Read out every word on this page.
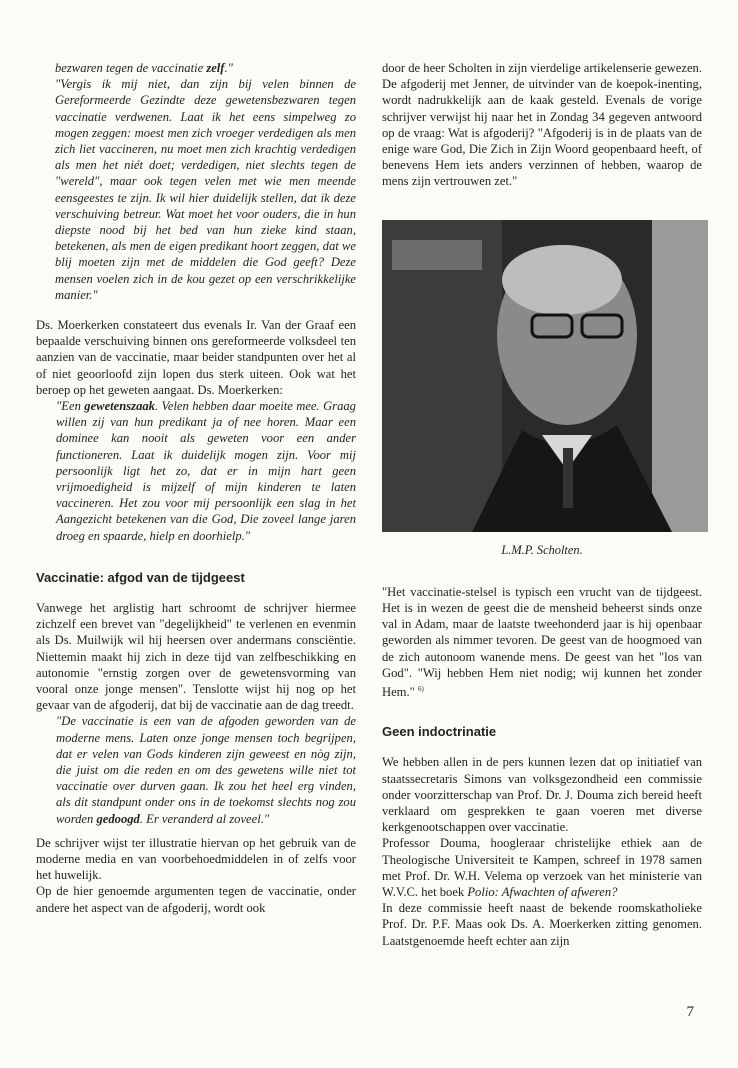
bezwaren tegen de vaccinatie zelf."
"Vergis ik mij niet, dan zijn bij velen binnen de Gereformeerde Gezindte deze gewetensbezwaren tegen vaccinatie verdwenen. Laat ik het eens simpelweg zo mogen zeggen: moest men zich vroeger verdedigen als men zich liet vaccineren, nu moet men zich krachtig verdedigen als men het niét doet; verdedigen, niet slechts tegen de "wereld", maar ook tegen velen met wie men meende eensgeestes te zijn. Ik wil hier duidelijk stellen, dat ik deze verschuiving betreur. Wat moet het voor ouders, die in hun diepste nood bij het bed van hun zieke kind staan, betekenen, als men de eigen predikant hoort zeggen, dat we blij moeten zijn met de middelen die God geeft? Deze mensen voelen zich in de kou gezet op een verschrikkelijke manier."

Ds. Moerkerken constateert dus evenals Ir. Van der Graaf een bepaalde verschuiving binnen ons gereformeerde volksdeel ten aanzien van de vaccinatie, maar beider standpunten over het al of niet geoorloofd zijn lopen dus sterk uiteen. Ook wat het beroep op het geweten aangaat. Ds. Moerkerken:

"Een gewetenszaak. Velen hebben daar moeite mee. Graag willen zij van hun predikant ja of nee horen. Maar een dominee kan nooit als geweten voor een ander functioneren. Laat ik duidelijk mogen zijn. Voor mij persoonlijk ligt het zo, dat er in mijn hart geen vrijmoedigheid is mijzelf of mijn kinderen te laten vaccineren. Het zou voor mij persoonlijk een slag in het Aangezicht betekenen van die God, Die zoveel lange jaren droeg en spaarde, hielp en doorhielp."

Vaccinatie: afgod van de tijdgeest

Vanwege het arglistig hart schroomt de schrijver hiermee zichzelf een brevet van "degelijkheid" te verlenen en evenmin als Ds. Muilwijk wil hij heersen over andermans consciëntie. Niettemin maakt hij zich in deze tijd van zelfbeschikking en autonomie "ernstig zorgen over de gewetensvorming van vooral onze jonge mensen". Tenslotte wijst hij nog op het gevaar van de afgoderij, dat bij de vaccinatie aan de dag treedt.

"De vaccinatie is een van de afgoden geworden van de moderne mens. Laten onze jonge mensen toch begrijpen, dat er velen van Gods kinderen zijn geweest en nòg zijn, die juist om die reden en om des gewetens wille niet tot vaccinatie over durven gaan. Ik zou het heel erg vinden, als dit standpunt onder ons in de toekomst slechts nog zou worden gedoogd. Er veranderd al zoveel."

De schrijver wijst ter illustratie hiervan op het gebruik van de moderne media en van voorbehoedmiddelen in of zelfs voor het huwelijk.

Op de hier genoemde argumenten tegen de vaccinatie, onder andere het aspect van de afgoderij, wordt ook

door de heer Scholten in zijn vierdelige artikelenserie gewezen. De afgoderij met Jenner, de uitvinder van de koepok-inenting, wordt nadrukkelijk aan de kaak gesteld. Evenals de vorige schrijver verwijst hij naar het in Zondag 34 gegeven antwoord op de vraag: Wat is afgoderij? "Afgoderij is in de plaats van de enige ware God, Die Zich in Zijn Woord geopenbaard heeft, of benevens Hem iets anders verzinnen of hebben, waarop de mens zijn vertrouwen zet."

L.M.P. Scholten.

"Het vaccinatie-stelsel is typisch een vrucht van de tijdgeest. Het is in wezen de geest die de mensheid beheerst sinds onze val in Adam, maar de laatste tweehonderd jaar is hij openbaar geworden als nimmer tevoren. De geest van de hoogmoed van de zich autonoom wanende mens. De geest van het "los van God". "Wij hebben Hem niet nodig; wij kunnen het zonder Hem." $^{6)}$

Geen indoctrinatie

We hebben allen in de pers kunnen lezen dat op initiatief van staatssecretaris Simons van volksgezondheid een commissie onder voorzitterschap van Prof. Dr. J. Douma zich bereid heeft verklaard om gesprekken te gaan voeren met diverse kerkgenootschappen over vaccinatie.

Professor Douma, hoogleraar christelijke ethiek aan de Theologische Universiteit te Kampen, schreef in 1978 samen met Prof. Dr. W.H. Velema op verzoek van het ministerie van W.V.C. het boek Polio: Afwachten of afweren?

In deze commissie heeft naast de bekende roomskatholieke Prof. Dr. P.F. Maas ook Ds. A. Moerkerken zitting genomen. Laatstgenoemde heeft echter aan zijn

7
